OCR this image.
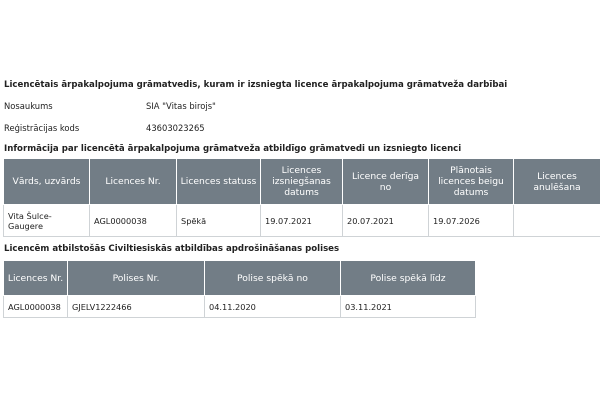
Licencētais ārpakalpojuma grāmatvedis, kuram ir izsniegta licence ārpakalpojuma grāmatveža darbībai
Nosaukums	SIA "Vitas birojs"
Reģistrācijas kods	43603023265
Informācija par licencētā ārpakalpojuma grāmatveža atbildīgo grāmatvedi un izsniegto licenci
Vārds, uzvārds	Licences Nr.	Licences statuss	Licences izsniegšanas datums	Licence derīga no	Plānotais licences beigu datums	Licences anulēšana
Vita Šulce-Gaugere	AGL0000038	Spēkā	19.07.2021	20.07.2021	19.07.2026	
Licencēm atbilstošās Civiltiesiskās atbildības apdrošināšanas polises
Licences Nr.	Polises Nr.	Polise spēkā no	Polise spēkā līdz
AGL0000038	GJELV1222466	04.11.2020	03.11.2021
